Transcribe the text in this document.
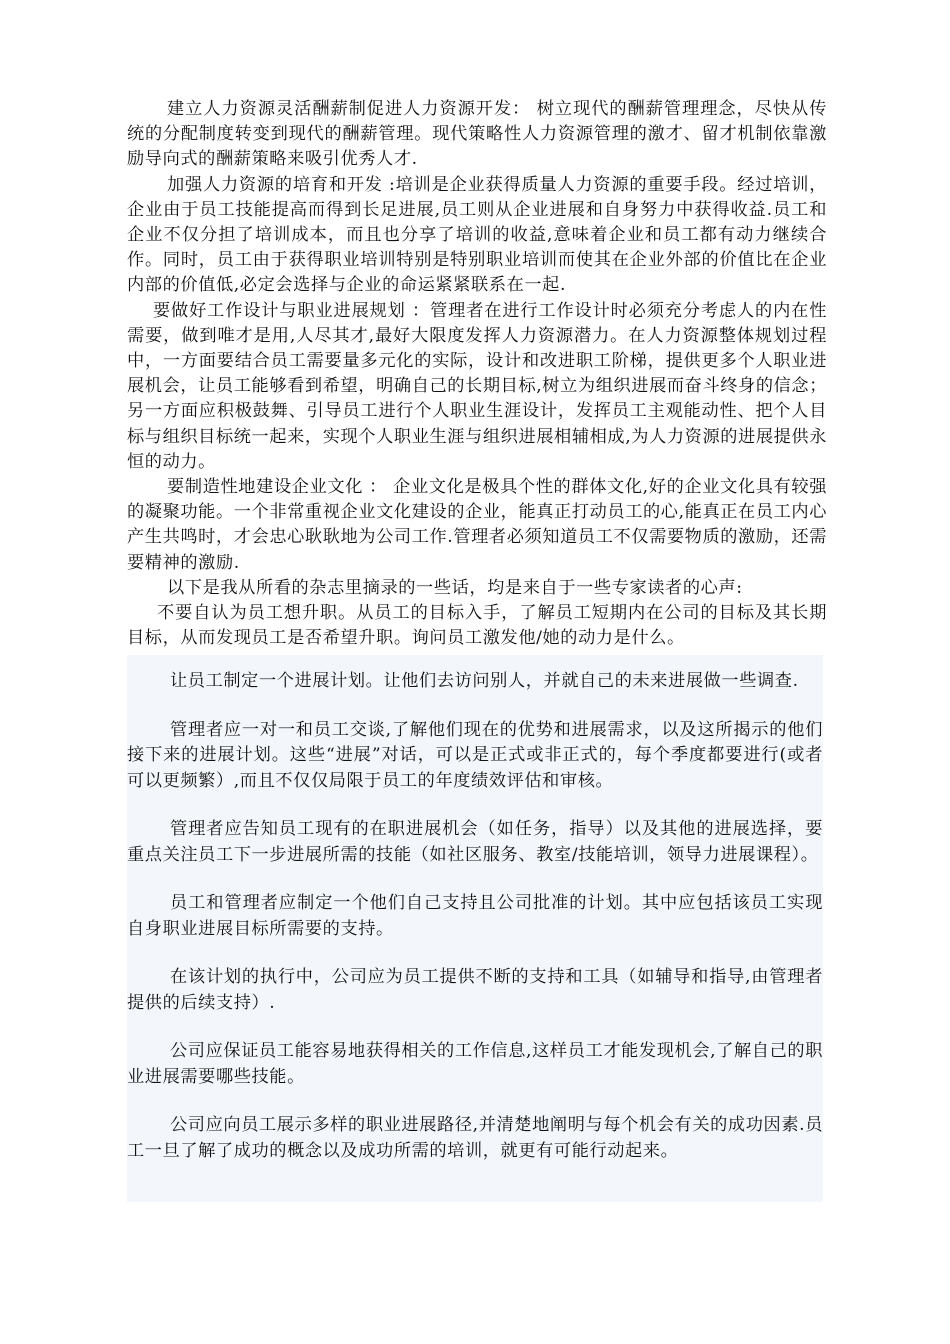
建立人力资源灵活酬薪制促进人力资源开发： 树立现代的酬薪管理理念，尽快从传统的分配制度转变到现代的酬薪管理。现代策略性人力资源管理的激才、留才机制依靠激励导向式的酬薪策略来吸引优秀人才.

加强人力资源的培育和开发 :培训是企业获得质量人力资源的重要手段。经过培训，企业由于员工技能提高而得到长足进展,员工则从企业进展和自身努力中获得收益.员工和企业不仅分担了培训成本，而且也分享了培训的收益,意味着企业和员工都有动力继续合作。同时，员工由于获得职业培训特别是特别职业培训而使其在企业外部的价值比在企业内部的价值低,必定会选择与企业的命运紧紧联系在一起.

要做好工作设计与职业进展规划 ：管理者在进行工作设计时必须充分考虑人的内在性需要，做到唯才是用,人尽其才,最好大限度发挥人力资源潜力。在人力资源整体规划过程中，一方面要结合员工需要量多元化的实际，设计和改进职工阶梯，提供更多个人职业进展机会，让员工能够看到希望，明确自己的长期目标,树立为组织进展而奋斗终身的信念；另一方面应积极鼓舞、引导员工进行个人职业生涯设计，发挥员工主观能动性、把个人目标与组织目标统一起来，实现个人职业生涯与组织进展相辅相成,为人力资源的进展提供永恒的动力。

要制造性地建设企业文化 ： 企业文化是极具个性的群体文化,好的企业文化具有较强的凝聚功能。一个非常重视企业文化建设的企业，能真正打动员工的心,能真正在员工内心产生共鸣时，才会忠心耿耿地为公司工作.管理者必须知道员工不仅需要物质的激励，还需要精神的激励.

以下是我从所看的杂志里摘录的一些话，均是来自于一些专家读者的心声:

不要自认为员工想升职。从员工的目标入手，了解员工短期内在公司的目标及其长期目标，从而发现员工是否希望升职。询问员工激发他/她的动力是什么。

让员工制定一个进展计划。让他们去访问别人，并就自己的未来进展做一些调查.

管理者应一对一和员工交谈,了解他们现在的优势和进展需求，以及这所揭示的他们接下来的进展计划。这些“进展”对话，可以是正式或非正式的，每个季度都要进行(或者可以更频繁）,而且不仅仅局限于员工的年度绩效评估和审核。

管理者应告知员工现有的在职进展机会（如任务，指导）以及其他的进展选择，要重点关注员工下一步进展所需的技能（如社区服务、教室/技能培训，领导力进展课程）。

员工和管理者应制定一个他们自己支持且公司批准的计划。其中应包括该员工实现自身职业进展目标所需要的支持。

在该计划的执行中，公司应为员工提供不断的支持和工具（如辅导和指导,由管理者提供的后续支持）.

公司应保证员工能容易地获得相关的工作信息,这样员工才能发现机会,了解自己的职业进展需要哪些技能。

公司应向员工展示多样的职业进展路径,并清楚地阐明与每个机会有关的成功因素.员工一旦了解了成功的概念以及成功所需的培训，就更有可能行动起来。
